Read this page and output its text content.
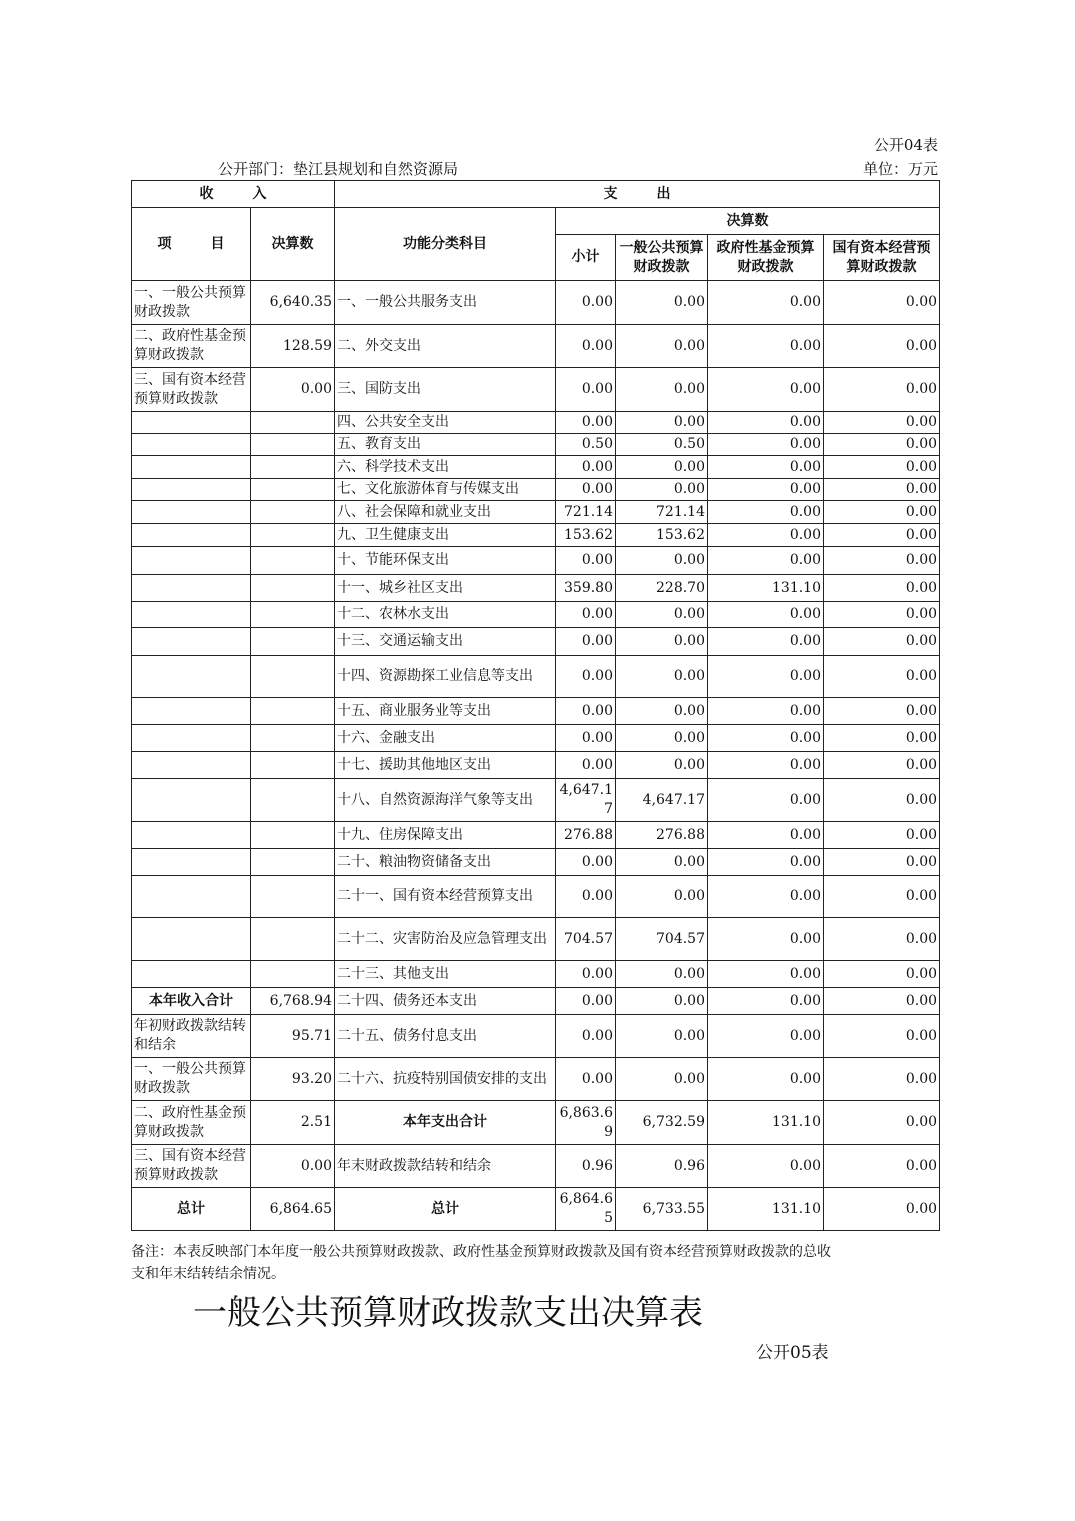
公开04表
公开部门：垫江县规划和自然资源局	单位：万元
收        入		支        出				
项        目	决算数	功能分类科目	决算数			
			小计	一般公共预算财政拨款	政府性基金预算财政拨款	国有资本经营预算财政拨款
一、一般公共预算财政拨款	6,640.35	一、一般公共服务支出	0.00	0.00	0.00	0.00
二、政府性基金预算财政拨款	128.59	二、外交支出	0.00	0.00	0.00	0.00
三、国有资本经营预算财政拨款	0.00	三、国防支出	0.00	0.00	0.00	0.00
		四、公共安全支出	0.00	0.00	0.00	0.00
		五、教育支出	0.50	0.50	0.00	0.00
		六、科学技术支出	0.00	0.00	0.00	0.00
		七、文化旅游体育与传媒支出	0.00	0.00	0.00	0.00
		八、社会保障和就业支出	721.14	721.14	0.00	0.00
		九、卫生健康支出	153.62	153.62	0.00	0.00
		十、节能环保支出	0.00	0.00	0.00	0.00
		十一、城乡社区支出	359.80	228.70	131.10	0.00
		十二、农林水支出	0.00	0.00	0.00	0.00
		十三、交通运输支出	0.00	0.00	0.00	0.00
		十四、资源勘探工业信息等支出	0.00	0.00	0.00	0.00
		十五、商业服务业等支出	0.00	0.00	0.00	0.00
		十六、金融支出	0.00	0.00	0.00	0.00
		十七、援助其他地区支出	0.00	0.00	0.00	0.00
		十八、自然资源海洋气象等支出	4,647.17	4,647.17	0.00	0.00
		十九、住房保障支出	276.88	276.88	0.00	0.00
		二十、粮油物资储备支出	0.00	0.00	0.00	0.00
		二十一、国有资本经营预算支出	0.00	0.00	0.00	0.00
		二十二、灾害防治及应急管理支出	704.57	704.57	0.00	0.00
		二十三、其他支出	0.00	0.00	0.00	0.00
本年收入合计	6,768.94	二十四、债务还本支出	0.00	0.00	0.00	0.00
年初财政拨款结转和结余	95.71	二十五、债务付息支出	0.00	0.00	0.00	0.00
一、一般公共预算财政拨款	93.20	二十六、抗疫特别国债安排的支出	0.00	0.00	0.00	0.00
二、政府性基金预算财政拨款	2.51	本年支出合计	6,863.69	6,732.59	131.10	0.00
三、国有资本经营预算财政拨款	0.00	年末财政拨款结转和结余	0.96	0.96	0.00	0.00
总计	6,864.65	总计	6,864.65	6,733.55	131.10	0.00
备注：本表反映部门本年度一般公共预算财政拨款、政府性基金预算财政拨款及国有资本经营预算财政拨款的总收支和年末结转结余情况。
一般公共预算财政拨款支出决算表
公开05表
